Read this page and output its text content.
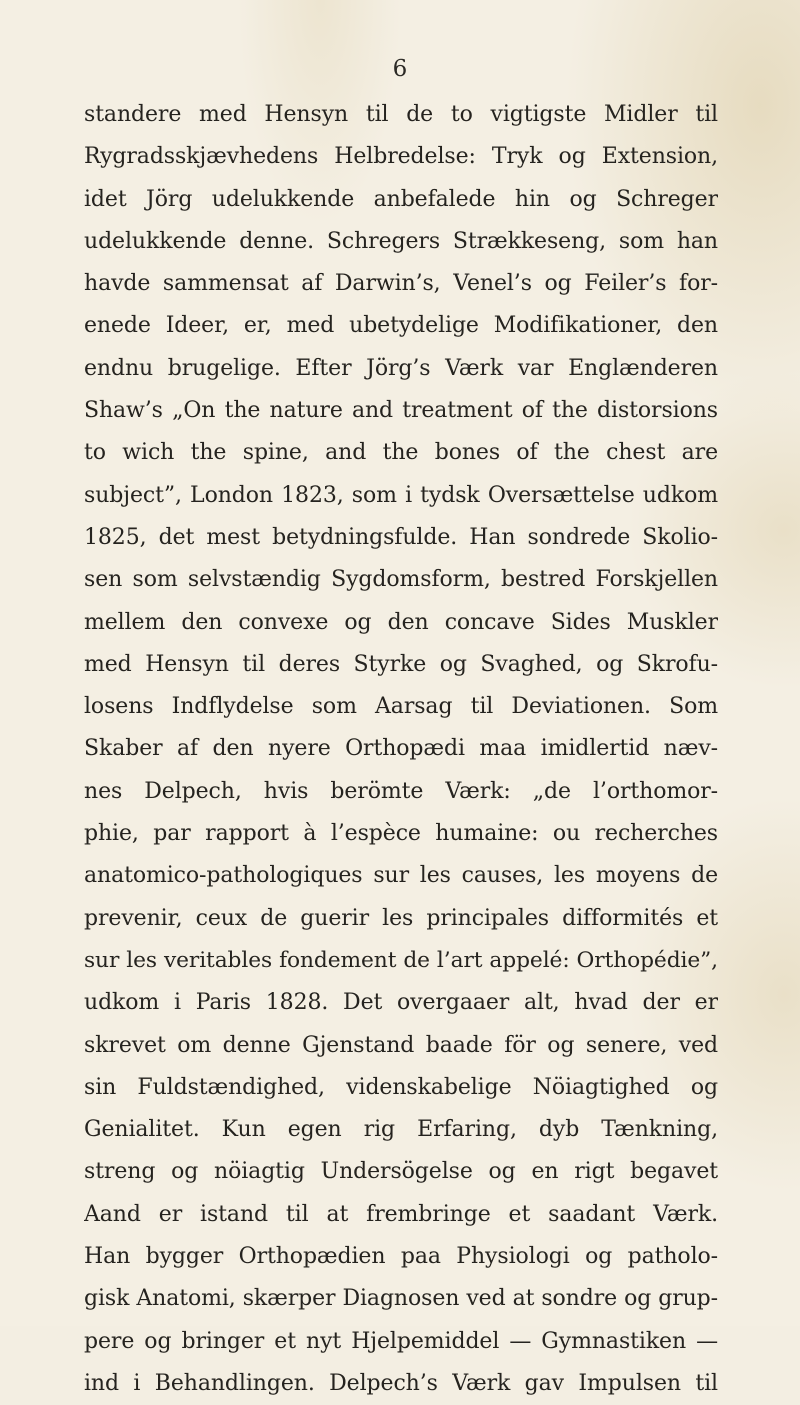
6
standere med Hensyn til de to vigtigste Midler til
Rygradsskjævhedens Helbredelse: Tryk og Extension,
idet Jörg udelukkende anbefalede hin og Schreger
udelukkende denne. Schregers Strækkeseng, som han
havde sammensat af Darwin’s, Venel’s og Feiler’s for-
enede Ideer, er, med ubetydelige Modifikationer, den
endnu brugelige. Efter Jörg’s Værk var Englænderen
Shaw’s „On the nature and treatment of the distorsions
to wich the spine, and the bones of the chest are
subject”, London 1823, som i tydsk Oversættelse udkom
1825, det mest betydningsfulde. Han sondrede Skolio-
sen som selvstændig Sygdomsform, bestred Forskjellen
mellem den convexe og den concave Sides Muskler
med Hensyn til deres Styrke og Svaghed, og Skrofu-
losens Indflydelse som Aarsag til Deviationen. Som
Skaber af den nyere Orthopædi maa imidlertid næv-
nes Delpech, hvis berömte Værk: „de l’orthomor-
phie, par rapport à l’espèce humaine: ou recherches
anatomico-pathologiques sur les causes, les moyens de
prevenir, ceux de guerir les principales difformités et
sur les veritables fondement de l’art appelé: Orthopédie”,
udkom i Paris 1828. Det overgaaer alt, hvad der er
skrevet om denne Gjenstand baade för og senere, ved
sin Fuldstændighed, videnskabelige Nöiagtighed og
Genialitet. Kun egen rig Erfaring, dyb Tænkning,
streng og nöiagtig Undersögelse og en rigt begavet
Aand er istand til at frembringe et saadant Værk.
Han bygger Orthopædien paa Physiologi og patholo-
gisk Anatomi, skærper Diagnosen ved at sondre og grup-
pere og bringer et nyt Hjelpemiddel — Gymnastiken —
ind i Behandlingen. Delpech’s Værk gav Impulsen til
